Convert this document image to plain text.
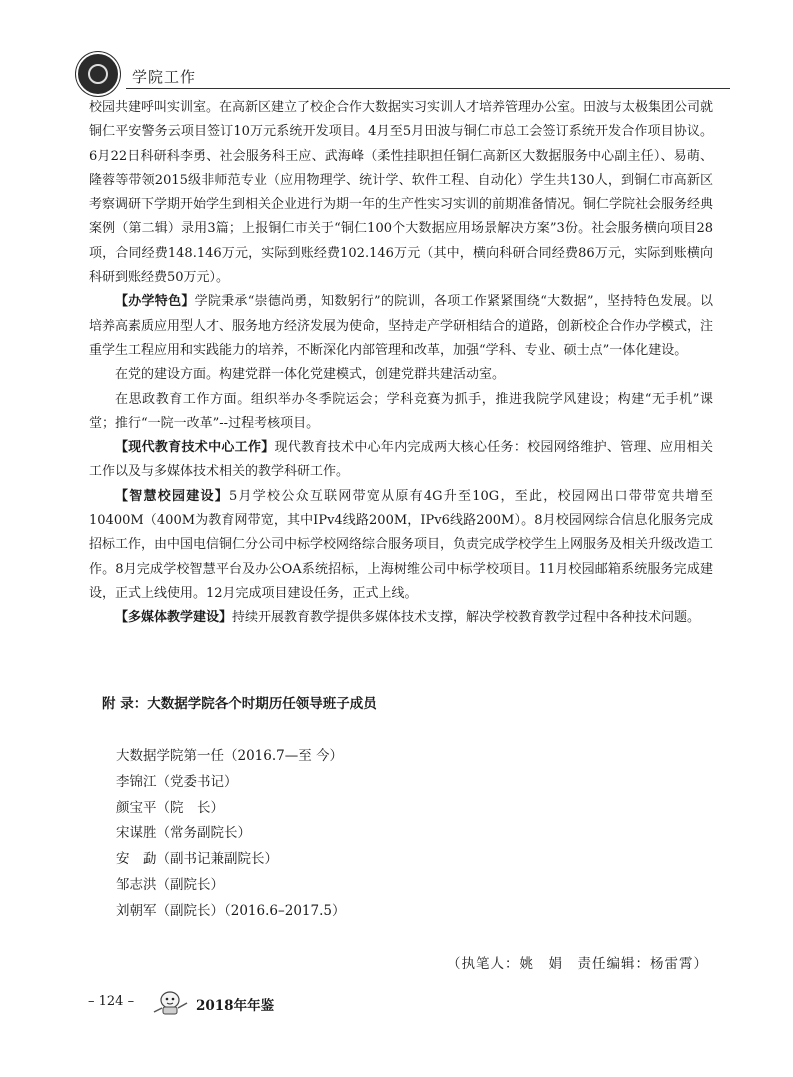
学院工作

校园共建呼叫实训室。在高新区建立了校企合作大数据实习实训人才培养管理办公室。田波与太极集团公司就铜仁平安警务云项目签订10万元系统开发项目。4月至5月田波与铜仁市总工会签订系统开发合作项目协议。6月22日科研科李勇、社会服务科王应、武海峰（柔性挂职担任铜仁高新区大数据服务中心副主任）、易萌、隆蓉等带领2015级非师范专业（应用物理学、统计学、软件工程、自动化）学生共130人，到铜仁市高新区考察调研下学期开始学生到相关企业进行为期一年的生产性实习实训的前期准备情况。铜仁学院社会服务经典案例（第二辑）录用3篇；上报铜仁市关于“铜仁100个大数据应用场景解决方案”3份。社会服务横向项目28项，合同经费148.146万元，实际到账经费102.146万元（其中，横向科研合同经费86万元，实际到账横向科研到账经费50万元）。

【办学特色】学院秉承“崇德尚勇，知数躬行”的院训，各项工作紧紧围绕“大数据”，坚持特色发展。以培养高素质应用型人才、服务地方经济发展为使命，坚持走产学研相结合的道路，创新校企合作办学模式，注重学生工程应用和实践能力的培养，不断深化内部管理和改革，加强“学科、专业、硕士点”一体化建设。

在党的建设方面。构建党群一体化党建模式，创建党群共建活动室。

在思政教育工作方面。组织举办冬季院运会；学科竞赛为抓手，推进我院学风建设；构建“无手机”课堂；推行“一院一改革”--过程考核项目。

【现代教育技术中心工作】现代教育技术中心年内完成两大核心任务：校园网络维护、管理、应用相关工作以及与多媒体技术相关的教学科研工作。

【智慧校园建设】5月学校公众互联网带宽从原有4G升至10G，至此，校园网出口带带宽共增至10400M（400M为教育网带宽，其中IPv4线路200M，IPv6线路200M）。8月校园网综合信息化服务完成招标工作，由中国电信铜仁分公司中标学校网络综合服务项目，负责完成学校学生上网服务及相关升级改造工作。8月完成学校智慧平台及办公OA系统招标，上海树维公司中标学校项目。11月校园邮箱系统服务完成建设，正式上线使用。12月完成项目建设任务，正式上线。

【多媒体教学建设】持续开展教育教学提供多媒体技术支撑，解决学校教育教学过程中各种技术问题。

附 录：大数据学院各个时期历任领导班子成员
大数据学院第一任（2016.7—至 今）
李锦江（党委书记）
颜宝平（院　长）
宋谋胜（常务副院长）
安　勐（副书记兼副院长）
邹志洪（副院长）
刘朝军（副院长）（2016.6–2017.5）
（执笔人：姚　娟　责任编辑：杨雷霄）
– 124 –	2018年年鉴
